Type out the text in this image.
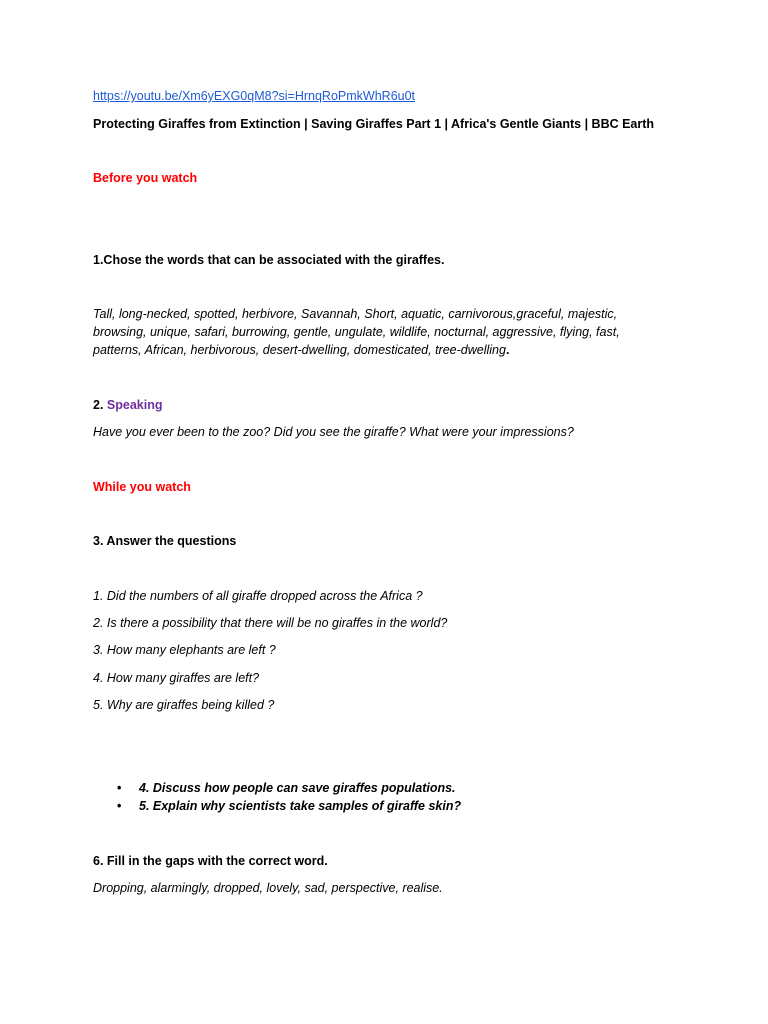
https://youtu.be/Xm6yEXG0qM8?si=HrnqRoPmkWhR6u0t

Protecting Giraffes from Extinction | Saving Giraffes Part 1 | Africa's Gentle Giants | BBC Earth

Before you watch

1.Chose the words that can be associated with the giraffes.

Tall, long-necked, spotted, herbivore, Savannah, Short, aquatic, carnivorous,graceful, majestic, browsing, unique, safari, burrowing, gentle, ungulate, wildlife, nocturnal, aggressive, flying, fast, patterns, African, herbivorous, desert-dwelling, domesticated, tree-dwelling.

2. Speaking

Have you ever been to the zoo? Did you see the giraffe? What were your impressions?

While you watch

3. Answer the questions

1. Did the numbers of all giraffe dropped across the Africa ?

2. Is there a possibility that there will be no giraffes in the world?

3. How many elephants are left ?

4. How many giraffes are left?

5. Why are giraffes being killed ?

• 4. Discuss how people can save giraffes populations.
• 5. Explain why scientists take samples of giraffe skin?

6. Fill in the gaps with the correct word.

Dropping, alarmingly, dropped, lovely, sad, perspective, realise.
